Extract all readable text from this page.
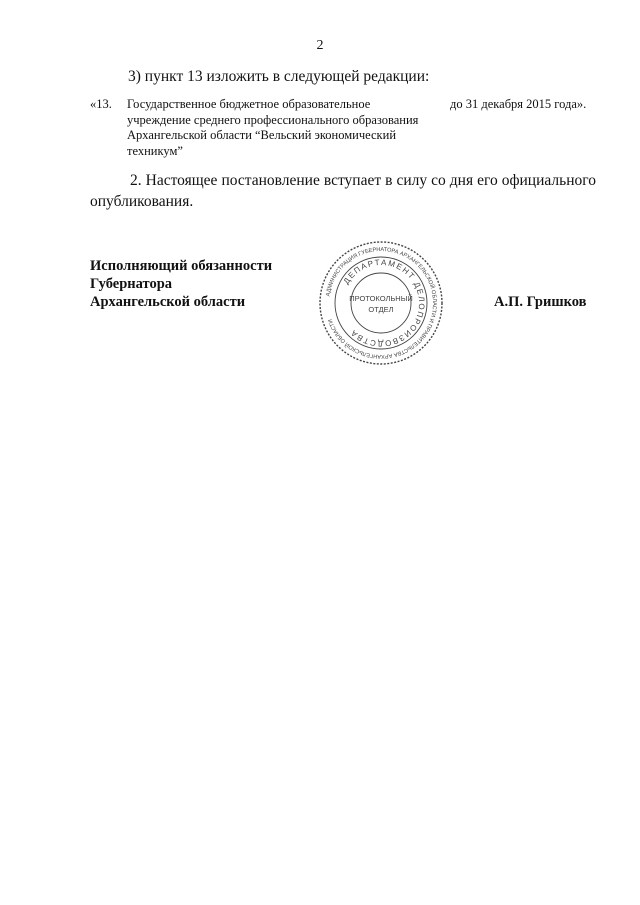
2
3) пункт 13 изложить в следующей редакции:
«13. Государственное бюджетное образовательное
учреждение среднего профессионального образования
Архангельской области “Вельский экономический
техникум”
до 31 декабря 2015 года».
2. Настоящее постановление вступает в силу со дня его официального опубликования.
Исполняющий обязанности
Губернатора
Архангельской области	А.П. Гришков
АДМИНИСТРАЦИЯ ГУБЕРНАТОРА АРХАНГЕЛЬСКОЙ ОБЛАСТИ И ПРАВИТЕЛЬСТВА АРХАНГЕЛЬСКОЙ ОБЛАСТИ
ДЕПАРТАМЕНТ ДЕЛОПРОИЗВОДСТВА
ПРОТОКОЛЬНЫЙ
ОТДЕЛ
